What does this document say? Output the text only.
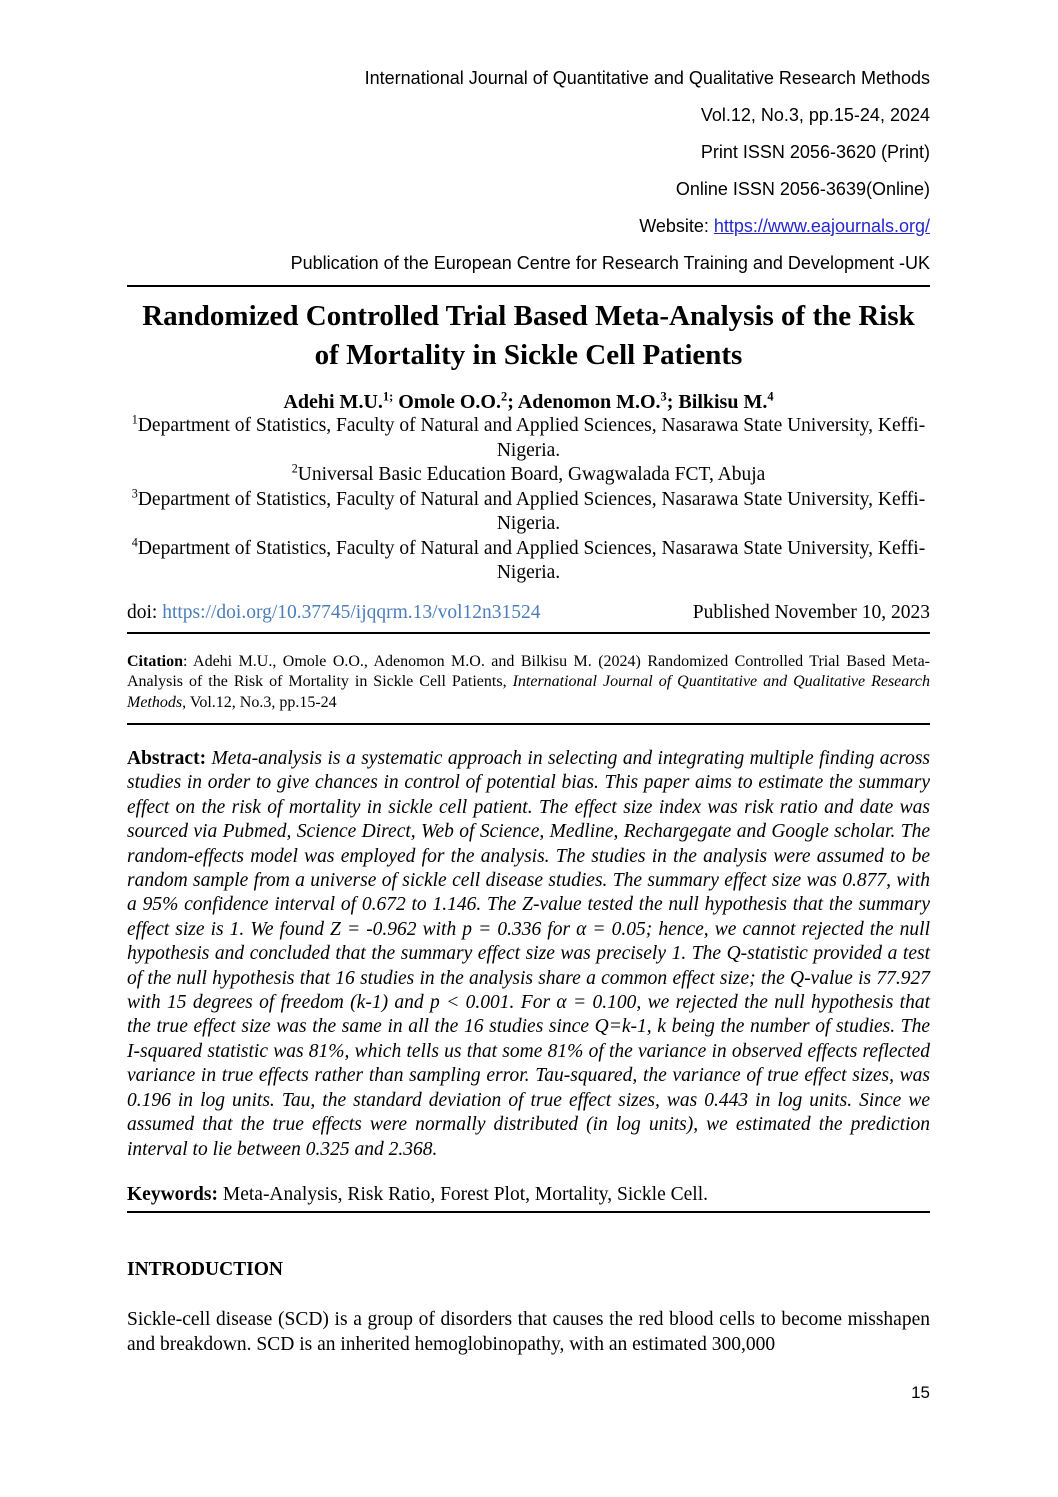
International Journal of Quantitative and Qualitative Research Methods
Vol.12, No.3, pp.15-24, 2024
Print ISSN 2056-3620 (Print)
Online ISSN 2056-3639(Online)
Website: https://www.eajournals.org/
Publication of the European Centre for Research Training and Development -UK
Randomized Controlled Trial Based Meta-Analysis of the Risk of Mortality in Sickle Cell Patients
Adehi M.U.$^{1;}$ Omole O.O.$^2$; Adenomon M.O.$^3$; Bilkisu M.$^4$
$^1$Department of Statistics, Faculty of Natural and Applied Sciences, Nasarawa State University, Keffi-Nigeria.
$^2$Universal Basic Education Board, Gwagwalada FCT, Abuja
$^3$Department of Statistics, Faculty of Natural and Applied Sciences, Nasarawa State University, Keffi-Nigeria.
$^4$Department of Statistics, Faculty of Natural and Applied Sciences, Nasarawa State University, Keffi-Nigeria.
doi: https://doi.org/10.37745/ijqqrm.13/vol12n31524	Published November 10, 2023

Citation: Adehi M.U., Omole O.O., Adenomon M.O. and Bilkisu M. (2024) Randomized Controlled Trial Based Meta-Analysis of the Risk of Mortality in Sickle Cell Patients, International Journal of Quantitative and Qualitative Research Methods, Vol.12, No.3, pp.15-24

Abstract: Meta-analysis is a systematic approach in selecting and integrating multiple finding across studies in order to give chances in control of potential bias. This paper aims to estimate the summary effect on the risk of mortality in sickle cell patient. The effect size index was risk ratio and date was sourced via Pubmed, Science Direct, Web of Science, Medline, Rechargegate and Google scholar. The random-effects model was employed for the analysis. The studies in the analysis were assumed to be random sample from a universe of sickle cell disease studies. The summary effect size was 0.877, with a 95% confidence interval of 0.672 to 1.146. The Z-value tested the null hypothesis that the summary effect size is 1. We found Z = -0.962 with p = 0.336 for α = 0.05; hence, we cannot rejected the null hypothesis and concluded that the summary effect size was precisely 1. The Q-statistic provided a test of the null hypothesis that 16 studies in the analysis share a common effect size; the Q-value is 77.927 with 15 degrees of freedom (k-1) and p < 0.001. For α = 0.100, we rejected the null hypothesis that the true effect size was the same in all the 16 studies since Q=k-1, k being the number of studies. The I-squared statistic was 81%, which tells us that some 81% of the variance in observed effects reflected variance in true effects rather than sampling error. Tau-squared, the variance of true effect sizes, was 0.196 in log units. Tau, the standard deviation of true effect sizes, was 0.443 in log units. Since we assumed that the true effects were normally distributed (in log units), we estimated the prediction interval to lie between 0.325 and 2.368.

Keywords: Meta-Analysis, Risk Ratio, Forest Plot, Mortality, Sickle Cell.

INTRODUCTION

Sickle-cell disease (SCD) is a group of disorders that causes the red blood cells to become misshapen and breakdown. SCD is an inherited hemoglobinopathy, with an estimated 300,000

15
